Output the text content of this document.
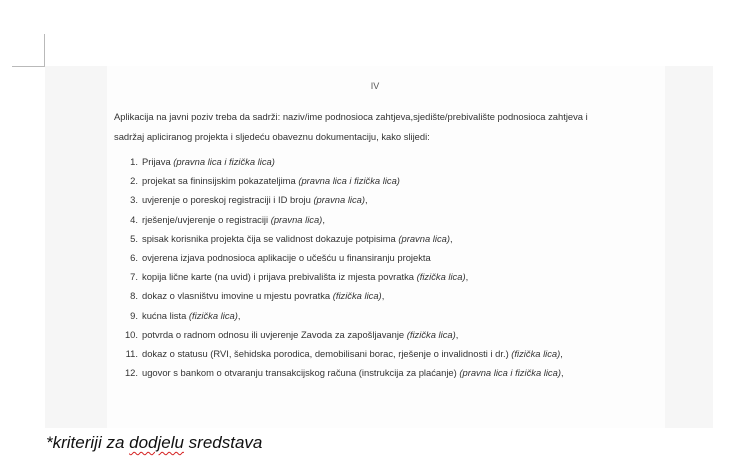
IV
Aplikacija na javni poziv treba da sadrži: naziv/ime podnosioca zahtjeva,sjedište/prebivalište podnosioca zahtjeva i
sadržaj apliciranog projekta i sljedeću obaveznu dokumentaciju, kako slijedi:
1. Prijava (pravna lica i fizička lica)
2. projekat sa fininsijskim pokazateljima (pravna lica i fizička lica)
3. uvjerenje o poreskoj registraciji i ID broju (pravna lica),
4. rješenje/uvjerenje o registraciji (pravna lica),
5. spisak korisnika projekta čija se validnost dokazuje potpisima (pravna lica),
6. ovjerena izjava podnosioca aplikacije o učešću u finansiranju projekta
7. kopija lične karte (na uvid) i prijava prebivališta iz mjesta povratka (fizička lica),
8. dokaz o vlasništvu imovine u mjestu povratka (fizička lica),
9. kućna lista (fizička lica),
10. potvrda o radnom odnosu ili uvjerenje Zavoda za zapošljavanje (fizička lica),
11. dokaz o statusu (RVI, šehidska porodica, demobilisani borac, rješenje o invalidnosti i dr.) (fizička lica),
12. ugovor s bankom o otvaranju transakcijskog računa (instrukcija za plaćanje) (pravna lica i fizička lica),
*kriteriji za dodjelu sredstava
